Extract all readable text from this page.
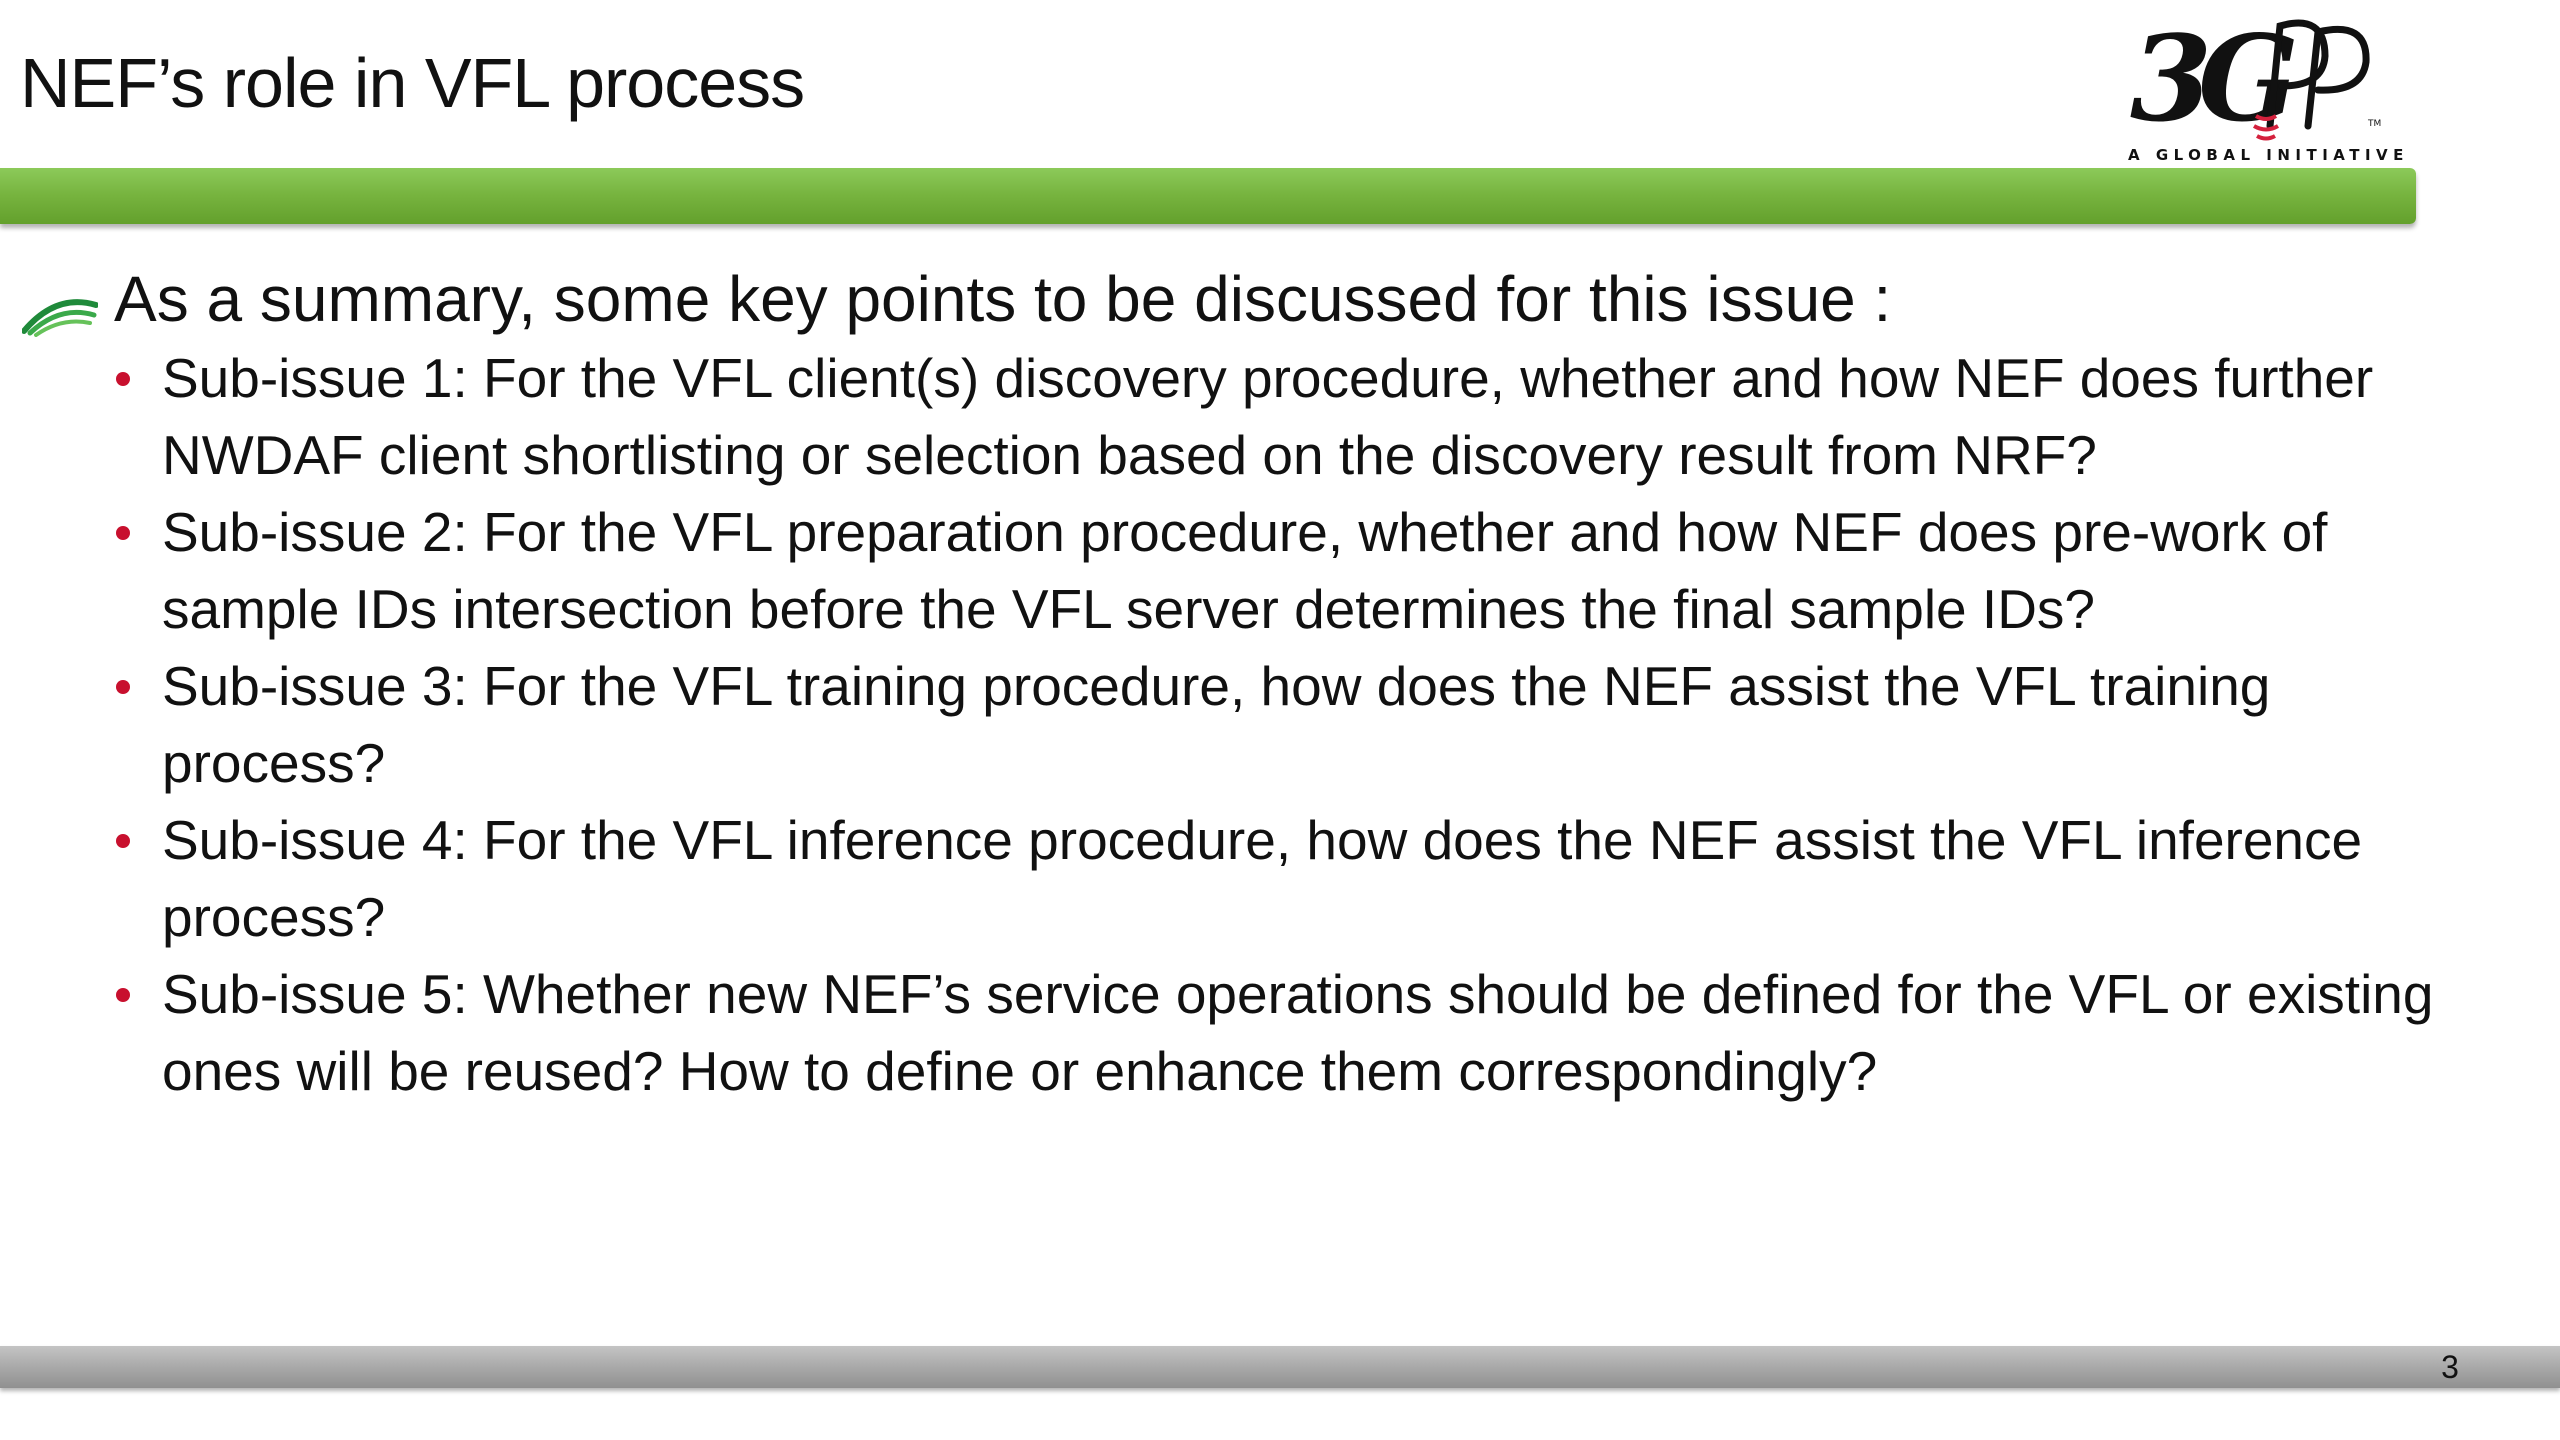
NEF’s role in VFL process	3G	TM
A GLOBAL INITIATIVE
As a summary, some key points to be discussed for this issue :
Sub-issue 1: For the VFL client(s) discovery procedure, whether and how NEF does further NWDAF client shortlisting or selection based on the discovery result from NRF?
Sub-issue 2: For the VFL preparation procedure, whether and how NEF does pre-work of sample IDs intersection before the VFL server determines the final sample IDs?
Sub-issue 3: For the VFL training procedure, how does the NEF assist the VFL training process?
Sub-issue 4: For the VFL inference procedure, how does the NEF assist the VFL inference process?
Sub-issue 5: Whether new NEF’s service operations should be defined for the VFL or existing ones will be reused? How to define or enhance them correspondingly?
3
